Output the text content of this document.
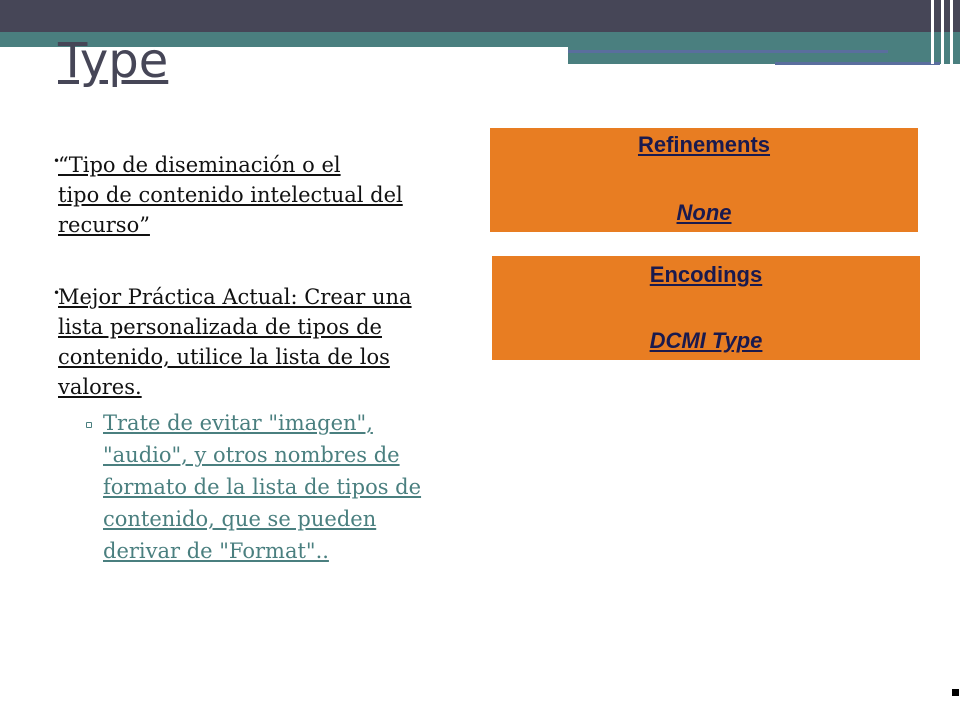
Type
•
“Tipo de diseminación o el
tipo de contenido intelectual del
recurso”
•
Mejor Práctica Actual: Crear una
lista personalizada de tipos de
contenido, utilice la lista de los
valores.
Trate de evitar "imagen",
"audio", y otros nombres de
formato de la lista de tipos de
contenido, que se pueden
derivar de "Format"..
Refinements
None
Encodings
DCMI Type
